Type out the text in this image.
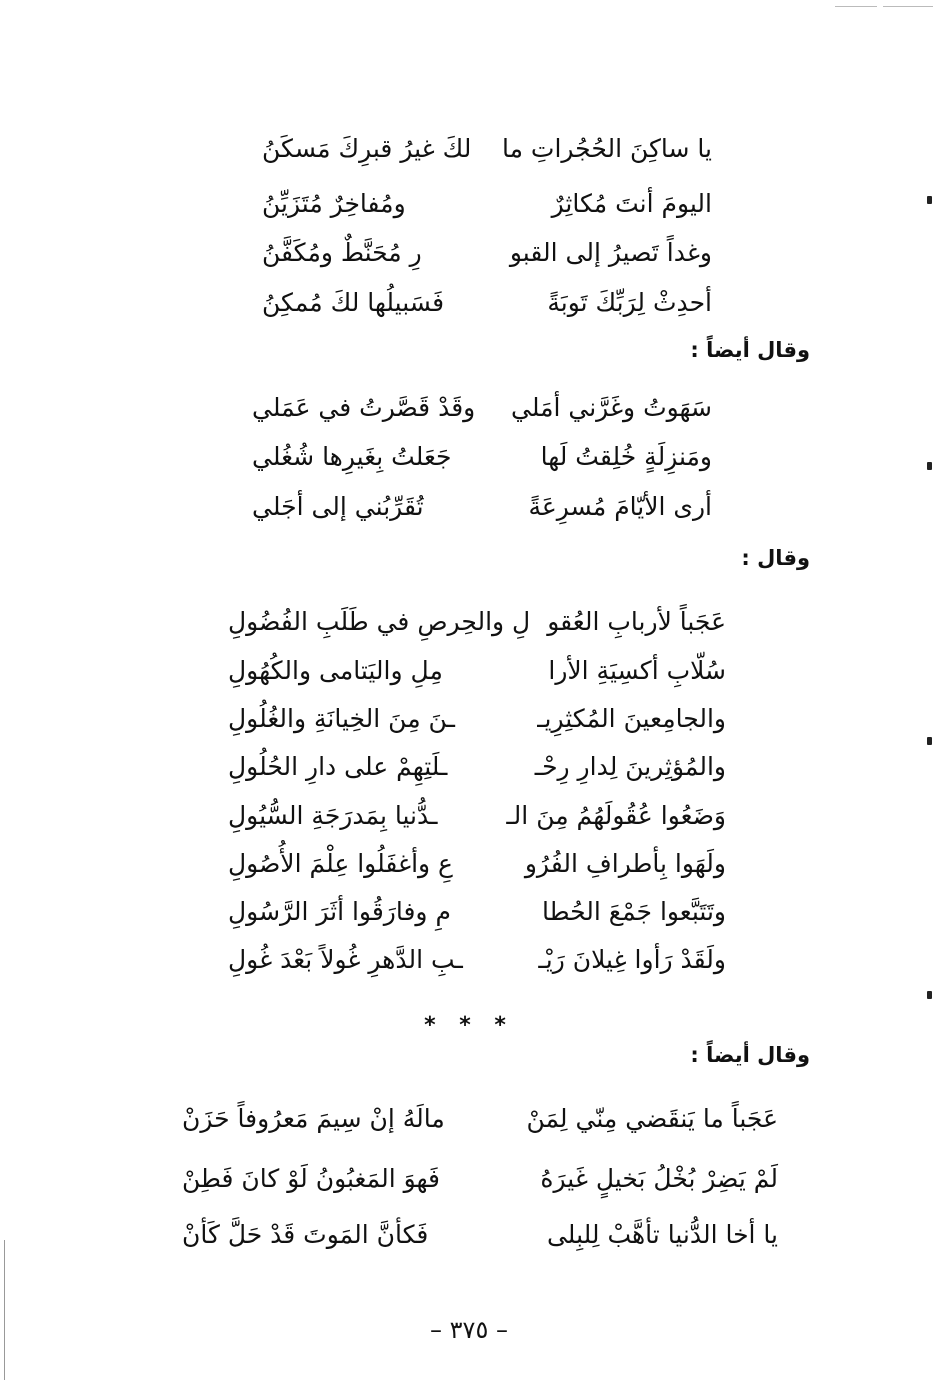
يا ساكِنَ الحُجُراتِ ما
لكَ غيرُ قبرِكَ مَسكَنُ
اليومَ أنتَ مُكاثِرٌ
ومُفاخِرٌ مُتَزَيِّنُ
وغداً تَصيرُ إلى القبو
رِ مُحَنَّطٌ ومُكَفَّنُ
أحدِثْ لِرَبِّكَ تَوبَةً
فَسَبيلُها لكَ مُمكِنُ
وقال أيضاً :
سَهَوتُ وغَرَّني أمَلي
وقَدْ قَصَّرتُ في عَمَلي
ومَنزِلَةٍ خُلِقتُ لَها
جَعَلتُ بِغَيرِها شُغُلي
أرى الأيّامَ مُسرِعَةً
تُقَرِّبُني إلى أجَلي
وقال :
عَجَباً لأربابِ العُقو
لِ والحِرصِ في طَلَبِ الفُضُولِ
سُلّابِ أكسِيَةِ الأرا
مِلِ واليَتامى والكُهُولِ
والجامِعينَ المُكثِرِيـ
ـنَ مِنَ الخِيانَةِ والغُلُولِ
والمُؤثِرينَ لِدارِ رِحْـ
ـلَتِهِمْ على دارِ الحُلُولِ
وَضَعُوا عُقُولَهُمُ مِنَ الـ
ـدُّنيا بِمَدرَجَةِ السُّيُولِ
ولَهَوا بِأطرافِ الفُرُو
عِ وأغفَلُوا عِلْمَ الأُصُولِ
وتَتَبَّعوا جَمْعَ الحُطا
مِ وفارَقُوا أثَرَ الرَّسُولِ
ولَقَدْ رَأوا غِيلانَ رَيْـ
ـبِ الدَّهرِ غُولاً بَعْدَ غُولِ
* * *
وقال أيضاً :
عَجَباً ما يَنقَضي مِنّي لِمَنْ
مالَهُ إنْ سِيمَ مَعرُوفاً حَزَنْ
لَمْ يَضِرْ بُخْلُ بَخيلٍ غَيرَهُ
فَهوَ المَغبُونُ لَوْ كانَ فَطِنْ
يا أخا الدُّنيا تأهَّبْ لِلبِلى
فَكأنَّ المَوتَ قَدْ حَلَّ كَأنْ
– ٣٧٥ –
